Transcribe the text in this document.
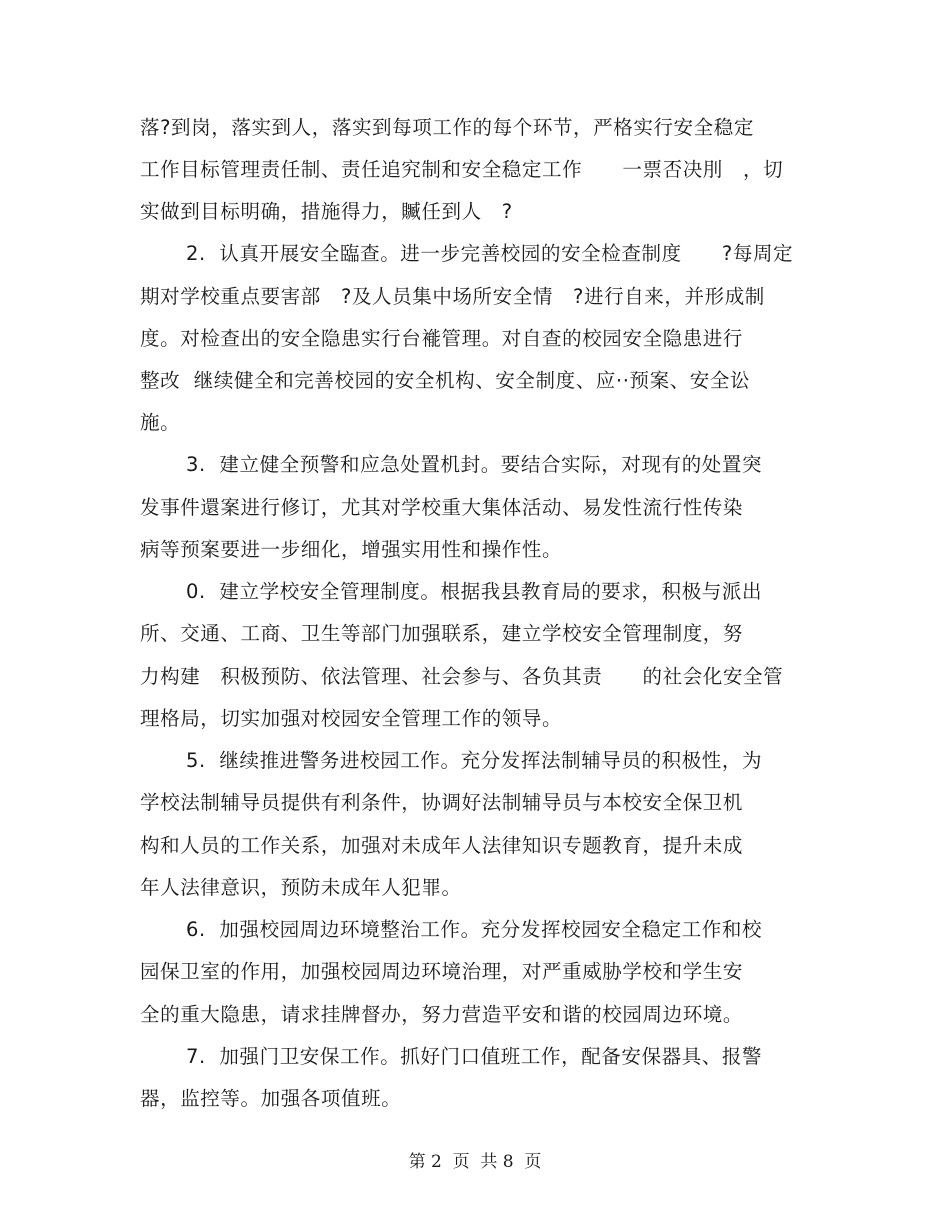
落?到岗，落实到人，落实到每项工作的每个环节，严格实行安全稳定
工作目标管理责任制、责任追究制和安全稳定工作　　一票否决刖　，切
实做到目标明确，措施得力，贓任到人　?
2.  认真开展安全臨查。进一步完善校园的安全检查制度　　?每周定
期对学校重点要害部　?及人员集中场所安全情　?进行自来，并形成制
度。对检查出的安全隐患实行台褦管理。对自查的校园安全隐患进行
整改  继续健全和完善校园的安全机构、安全制度、应··预案、安全讼
施。
3.  建立健全预警和应急处置机封。要结合实际，对现有的处置突
发事件還案进行修订，尤其对学校重大集体活动、易发性流行性传染
病等预案要进一步细化，增强实用性和操作性。
0.  建立学校安全管理制度。根据我县教育局的要求，积极与派出
所、交通、工商、卫生等部门加强联系，建立学校安全管理制度，努
力构建　积极预防、依法管理、社会参与、各负其责　　的社会化安全管
理格局，切实加强对校园安全管理工作的领导。
5.  继续推进警务进校园工作。充分发挥法制辅导员的积极性，为
学校法制辅导员提供有利条件，协调好法制辅导员与本校安全保卫机
构和人员的工作关系，加强对未成年人法律知识专题教育，提升未成
年人法律意识，预防未成年人犯罪。
6.  加强校园周边环境整治工作。充分发挥校园安全稳定工作和校
园保卫室的作用，加强校园周边环境治理，对严重威胁学校和学生安
全的重大隐患，请求挂牌督办，努力营造平安和谐的校园周边环境。
7.  加强门卫安保工作。抓好门口值班工作，配备安保器具、报警
器，监控等。加强各项值班。
第 2  页  共 8  页
